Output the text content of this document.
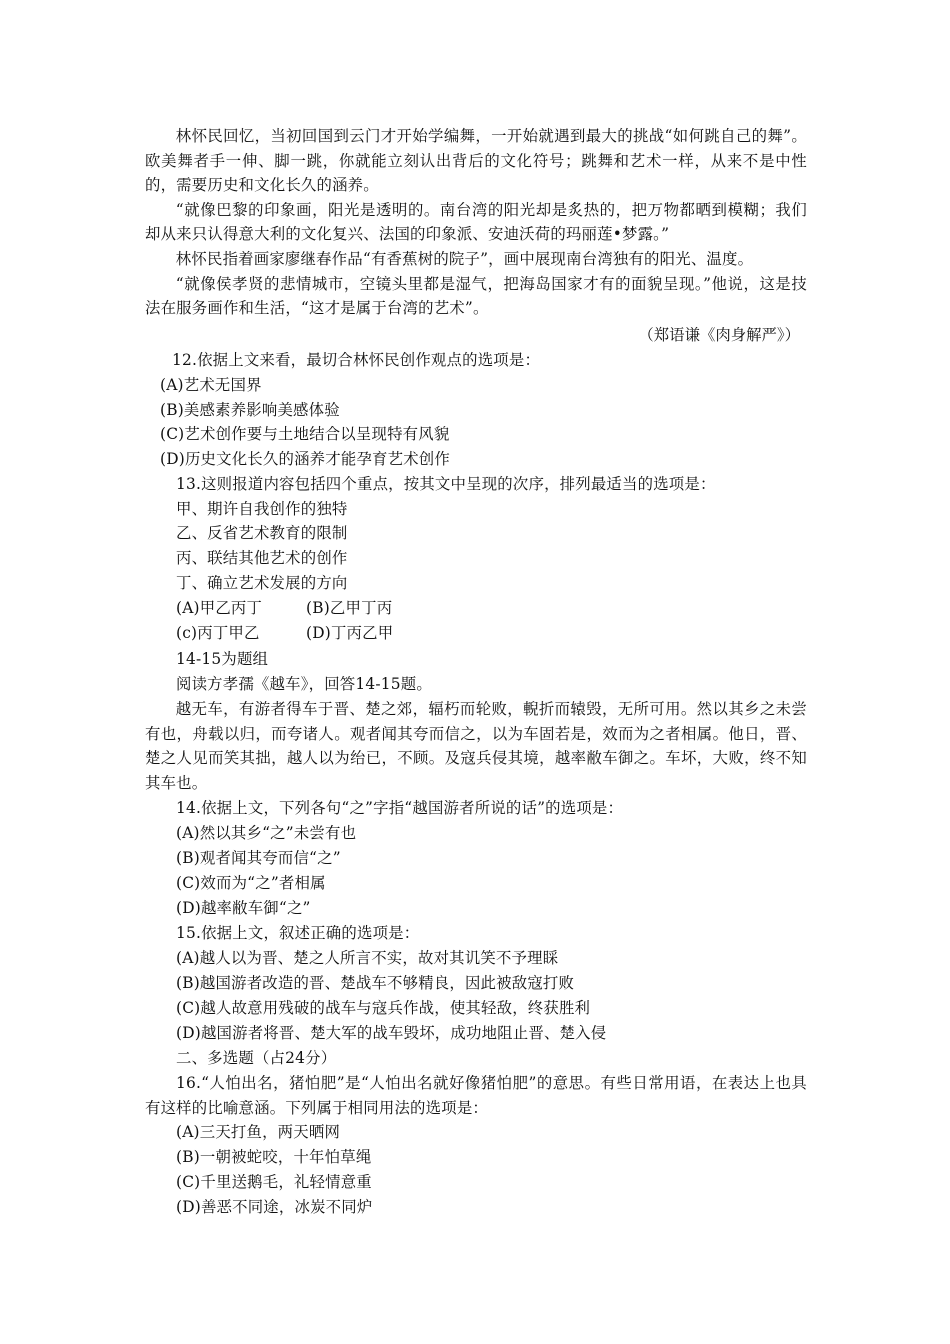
林怀民回忆，当初回国到云门才开始学编舞，一开始就遇到最大的挑战“如何跳自己的舞”。欧美舞者手一伸、脚一跳，你就能立刻认出背后的文化符号；跳舞和艺术一样，从来不是中性的，需要历史和文化长久的涵养。

“就像巴黎的印象画，阳光是透明的。南台湾的阳光却是炙热的，把万物都晒到模糊；我们却从来只认得意大利的文化复兴、法国的印象派、安迪沃荷的玛丽莲•梦露。”

林怀民指着画家廖继春作品“有香蕉树的院子”，画中展现南台湾独有的阳光、温度。

“就像侯孝贤的悲情城市，空镜头里都是湿气，把海岛国家才有的面貌呈现。”他说，这是技法在服务画作和生活，“这才是属于台湾的艺术”。

（郑语谦《肉身解严》）
12.依据上文来看，最切合林怀民创作观点的选项是：
(A)艺术无国界
(B)美感素养影响美感体验
(C)艺术创作要与土地结合以呈现特有风貌
(D)历史文化长久的涵养才能孕育艺术创作
13.这则报道内容包括四个重点，按其文中呈现的次序，排列最适当的选项是：
甲、期许自我创作的独特
乙、反省艺术教育的限制
丙、联结其他艺术的创作
丁、确立艺术发展的方向
(A)甲乙丙丁	(B)乙甲丁丙
(c)丙丁甲乙	(D)丁丙乙甲
14-15为题组
阅读方孝孺《越车》，回答14-15题。

越无车，有游者得车于晋、楚之郊，辐朽而轮败，輗折而辕毁，无所可用。然以其乡之未尝有也，舟载以归，而夸诸人。观者闻其夸而信之，以为车固若是，效而为之者相属。他日，晋、楚之人见而笑其拙，越人以为绐已，不顾。及寇兵侵其境，越率敝车御之。车坏，大败，终不知其车也。

14.依据上文，下列各句“之”字指“越国游者所说的话”的选项是：
(A)然以其乡“之”未尝有也
(B)观者闻其夸而信“之”
(C)效而为“之”者相属
(D)越率敝车御“之”
15.依据上文，叙述正确的选项是：
(A)越人以为晋、楚之人所言不实，故对其讥笑不予理睬
(B)越国游者改造的晋、楚战车不够精良，因此被敌寇打败
(C)越人故意用残破的战车与寇兵作战，使其轻敌，终获胜利
(D)越国游者将晋、楚大军的战车毁坏，成功地阻止晋、楚入侵
二、多选题（占24分）
16.“人怕出名，猪怕肥”是“人怕出名就好像猪怕肥”的意思。有些日常用语，在表达上也具有这样的比喻意涵。下列属于相同用法的选项是：
(A)三天打鱼，两天晒网
(B)一朝被蛇咬，十年怕草绳
(C)千里送鹅毛，礼轻情意重
(D)善恶不同途，冰炭不同炉
